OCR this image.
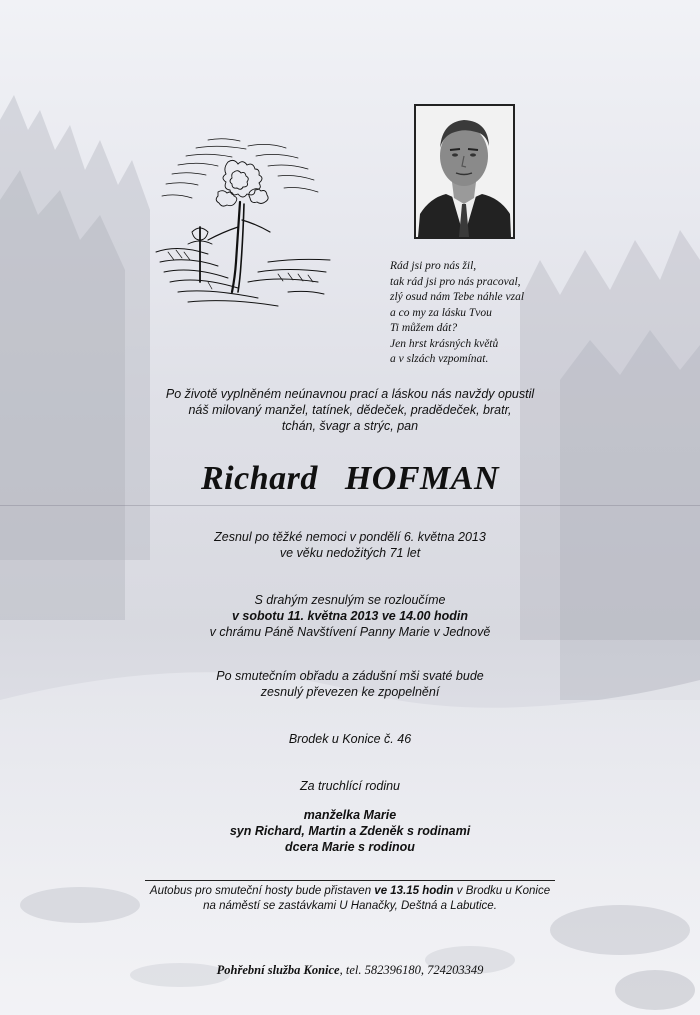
Rád jsi pro nás žil,
tak rád jsi pro nás pracoval,
zlý osud nám Tebe náhle vzal
a co my za lásku Tvou
Ti můžem dát?
Jen hrst krásných květů
a v slzách vzpomínat.
Po životě vyplněném neúnavnou prací a láskou nás navždy opustil
náš milovaný manžel, tatínek, dědeček, pradědeček, bratr,
tchán, švagr a strýc, pan
Richard HOFMAN
Zesnul po těžké nemoci v pondělí 6. května 2013
ve věku nedožitých 71 let
S drahým zesnulým se rozloučíme
v sobotu 11. května 2013 ve 14.00 hodin
v chrámu Páně Navštívení Panny Marie v Jednově
Po smutečním obřadu a zádušní mši svaté bude
zesnulý převezen ke zpopelnění
Brodek u Konice č. 46
Za truchlící rodinu
manželka Marie
syn Richard, Martin a Zdeněk s rodinami
dcera Marie s rodinou
Autobus pro smuteční hosty bude přistaven ve 13.15 hodin v Brodku u Konice
na náměstí se zastávkami U Hanačky, Deštná a Labutice.
Pohřební služba Konice, tel. 582396180, 724203349
